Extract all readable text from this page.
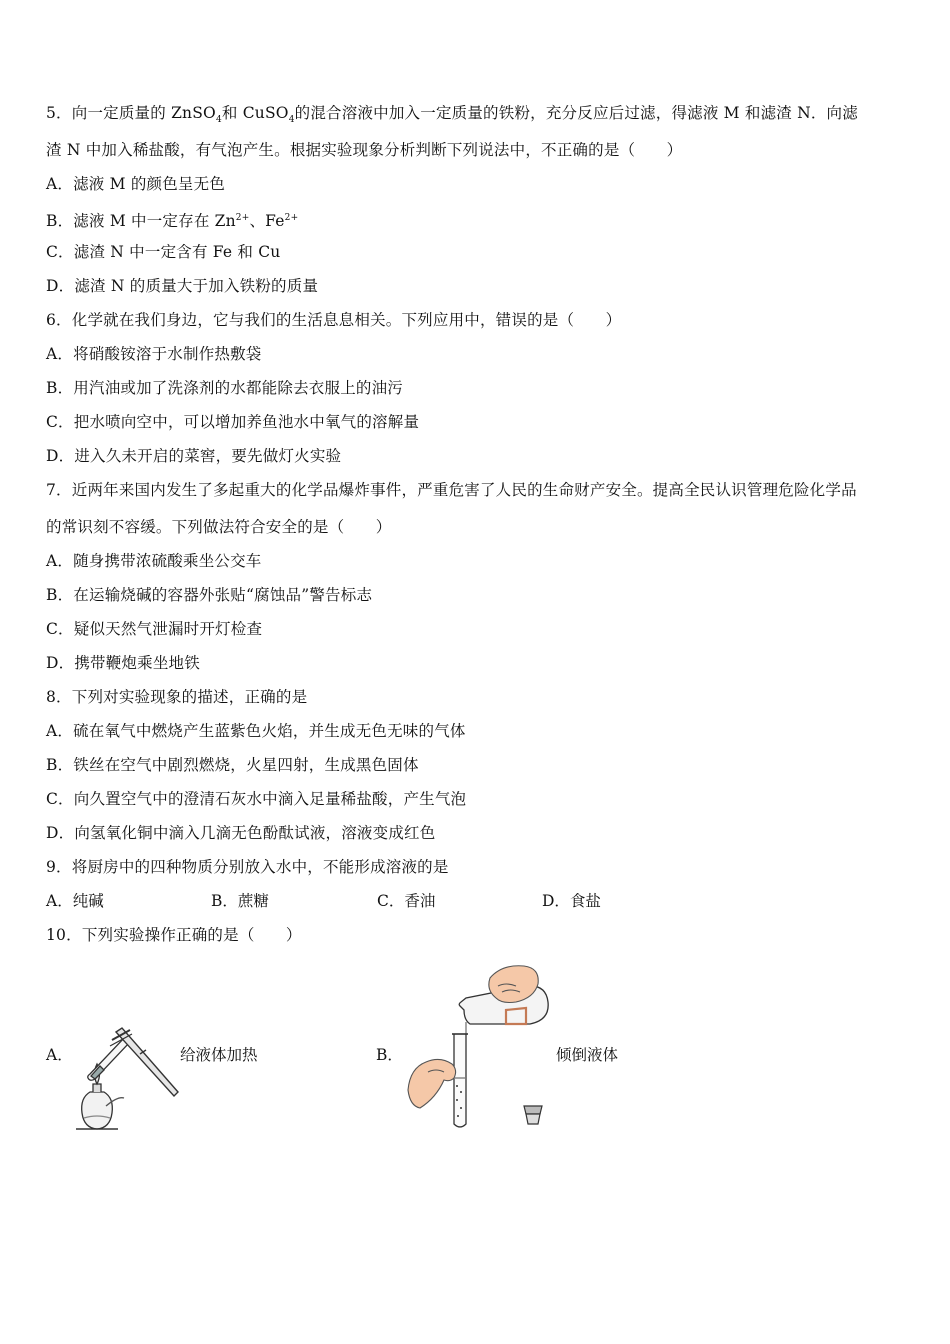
5．向一定质量的 ZnSO$_4$和 CuSO$_4$的混合溶液中加入一定质量的铁粉，充分反应后过滤，得滤液 M 和滤渣 N．向滤
渣 N 中加入稀盐酸，有气泡产生。根据实验现象分析判断下列说法中，不正确的是（　　）
A．滤液 M 的颜色呈无色
B．滤液 M 中一定存在 $Zn^{2+}$、$Fe^{2+}$
C．滤渣 N 中一定含有 Fe 和 Cu
D．滤渣 N 的质量大于加入铁粉的质量
6．化学就在我们身边，它与我们的生活息息相关。下列应用中，错误的是（　　）
A．将硝酸铵溶于水制作热敷袋
B．用汽油或加了洗涤剂的水都能除去衣服上的油污
C．把水喷向空中，可以增加养鱼池水中氧气的溶解量
D．进入久未开启的菜窖，要先做灯火实验
7．近两年来国内发生了多起重大的化学品爆炸事件，严重危害了人民的生命财产安全。提高全民认识管理危险化学品
的常识刻不容缓。下列做法符合安全的是（　　）
A．随身携带浓硫酸乘坐公交车
B．在运输烧碱的容器外张贴“腐蚀品”警告标志
C．疑似天然气泄漏时开灯检查
D．携带鞭炮乘坐地铁
8．下列对实验现象的描述，正确的是
A．硫在氧气中燃烧产生蓝紫色火焰，并生成无色无味的气体
B．铁丝在空气中剧烈燃烧，火星四射，生成黑色固体
C．向久置空气中的澄清石灰水中滴入足量稀盐酸，产生气泡
D．向氢氧化铜中滴入几滴无色酚酞试液，溶液变成红色
9．将厨房中的四种物质分别放入水中，不能形成溶液的是
A．纯碱	B．蔗糖	C．香油	D．食盐
10．下列实验操作正确的是（　　）
A．	给液体加热	B．	倾倒液体
